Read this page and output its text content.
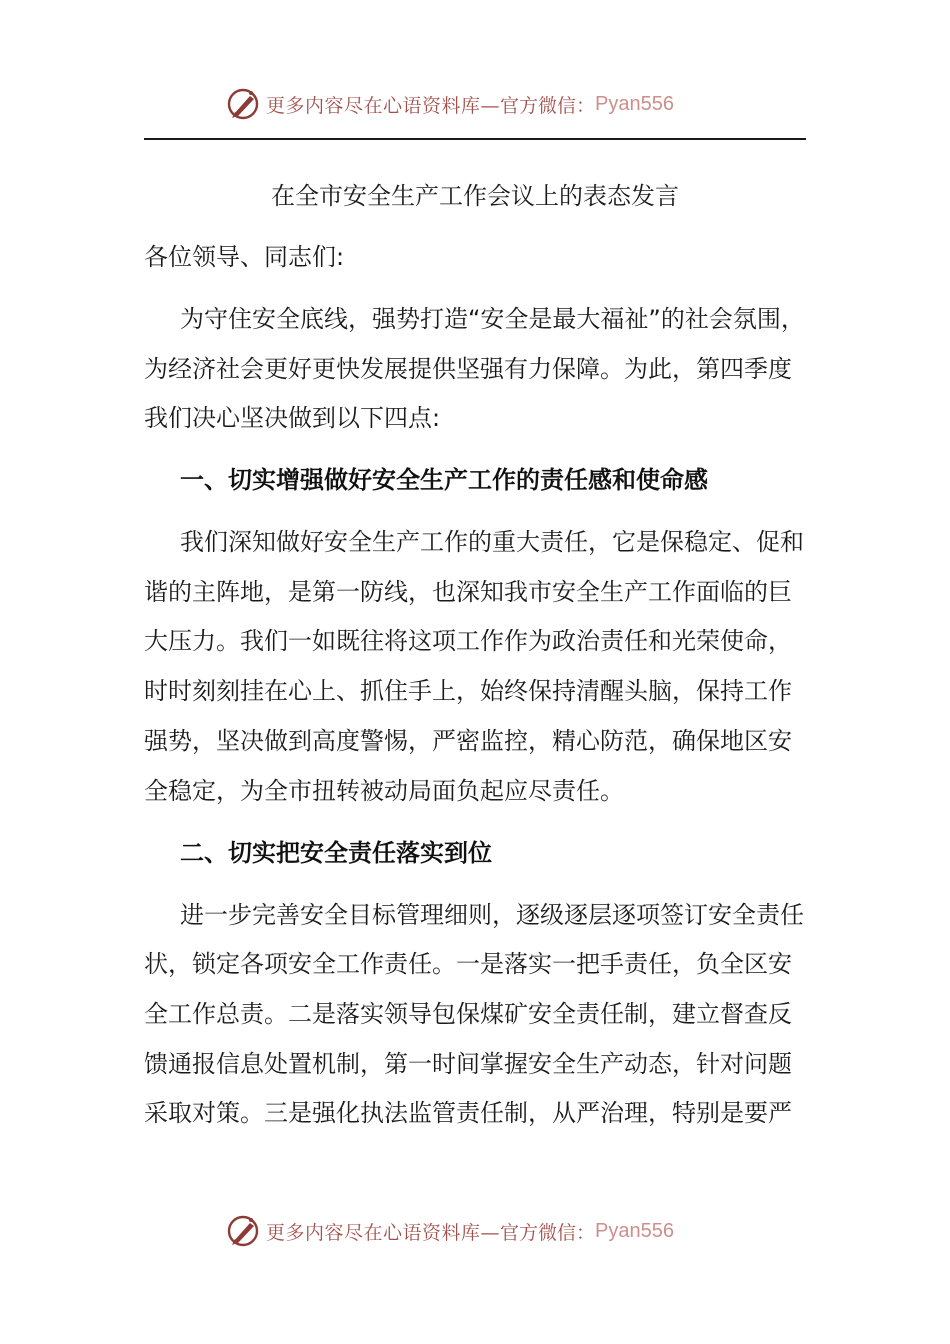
更多内容尽在心语资料库— 官方微信： Pyan556
在全市安全生产工作会议上的表态发言

各位领导、同志们:

为守住安全底线，强势打造“安全是最大福祉”的社会氛围，

为经济社会更好更快发展提供坚强有力保障。为此，第四季度

我们决心坚决做到以下四点:

一、切实增强做好安全生产工作的责任感和使命感

我们深知做好安全生产工作的重大责任，它是保稳定、促和

谐的主阵地，是第一防线，也深知我市安全生产工作面临的巨

大压力。我们一如既往将这项工作作为政治责任和光荣使命，

时时刻刻挂在心上、抓住手上，始终保持清醒头脑，保持工作

强势，坚决做到高度警惕，严密监控，精心防范，确保地区安

全稳定，为全市扭转被动局面负起应尽责任。

二、切实把安全责任落实到位

进一步完善安全目标管理细则，逐级逐层逐项签订安全责任

状，锁定各项安全工作责任。一是落实一把手责任，负全区安

全工作总责。二是落实领导包保煤矿安全责任制，建立督查反

馈通报信息处置机制，第一时间掌握安全生产动态，针对问题

采取对策。三是强化执法监管责任制，从严治理，特别是要严

更多内容尽在心语资料库— 官方微信： Pyan556
